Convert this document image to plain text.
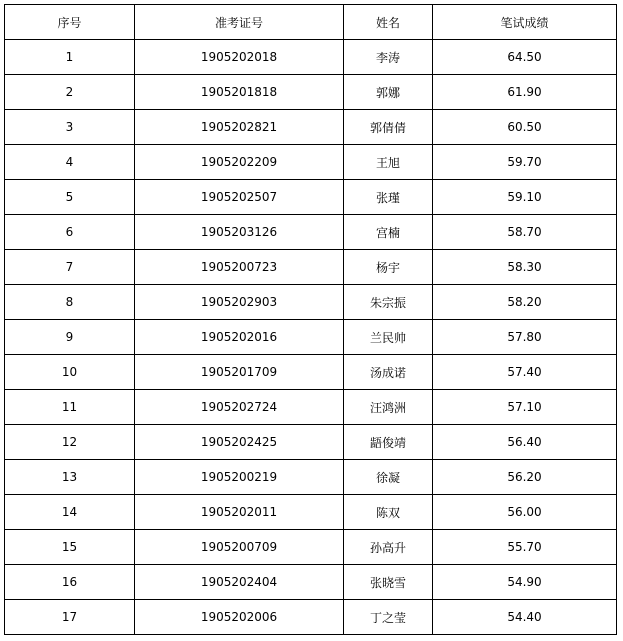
序号	准考证号	姓名	笔试成绩
1	1905202018	李涛	64.50
2	1905201818	郭娜	61.90
3	1905202821	郭倩倩	60.50
4	1905202209	王旭	59.70
5	1905202507	张瑾	59.10
6	1905203126	宫楠	58.70
7	1905200723	杨宇	58.30
8	1905202903	朱宗振	58.20
9	1905202016	兰民帅	57.80
10	1905201709	汤成诺	57.40
11	1905202724	汪鸿洲	57.10
12	1905202425	龉俊靖	56.40
13	1905200219	徐凝	56.20
14	1905202011	陈双	56.00
15	1905200709	孙高升	55.70
16	1905202404	张晓雪	54.90
17	1905202006	丁之莹	54.40
